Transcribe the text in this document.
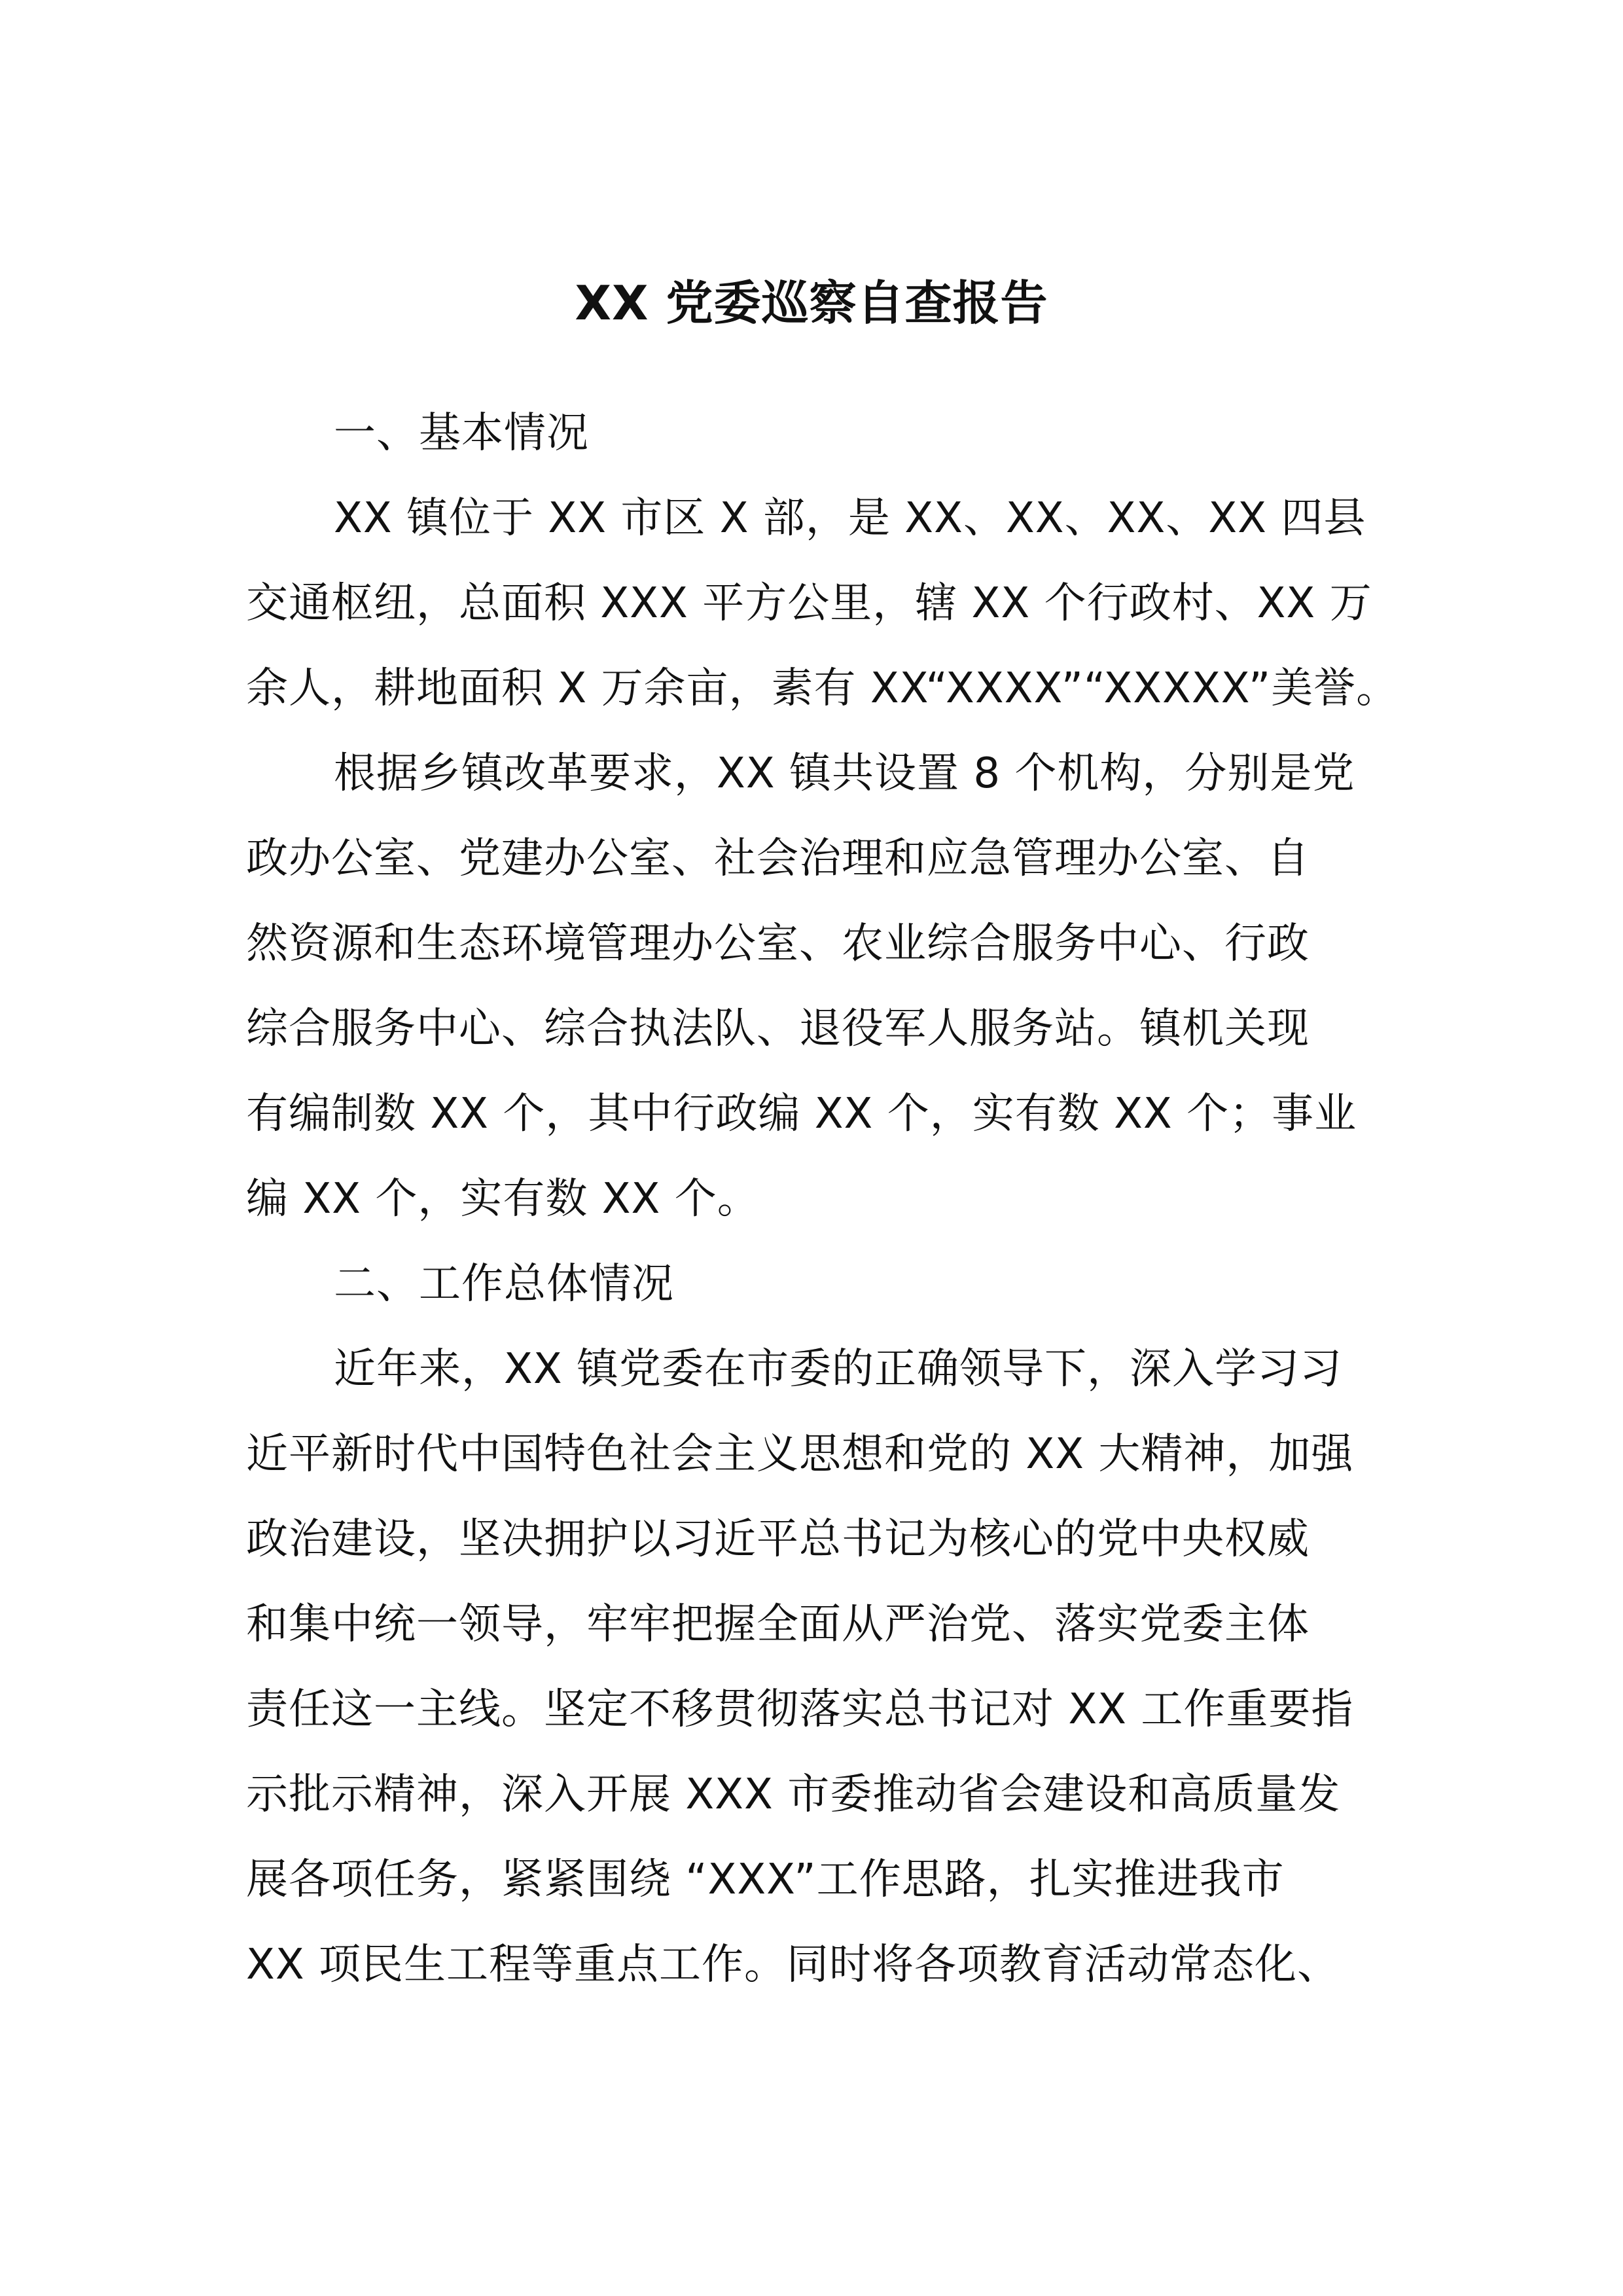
XX 党委巡察自查报告
一、基本情况
XX 镇位于 XX 市区 X 部，是 XX、XX、XX、XX 四县
交通枢纽，总面积 XXX 平方公里，辖 XX 个行政村、XX 万
余人，耕地面积 X 万余亩，素有 XX“XXXX”“XXXXX”美誉。
根据乡镇改革要求，XX 镇共设置 8 个机构，分别是党
政办公室、党建办公室、社会治理和应急管理办公室、自
然资源和生态环境管理办公室、农业综合服务中心、行政
综合服务中心、综合执法队、退役军人服务站。镇机关现
有编制数 XX 个，其中行政编 XX 个，实有数 XX 个；事业
编 XX 个，实有数 XX 个。
二、工作总体情况
近年来，XX 镇党委在市委的正确领导下，深入学习习
近平新时代中国特色社会主义思想和党的 XX 大精神，加强
政治建设，坚决拥护以习近平总书记为核心的党中央权威
和集中统一领导，牢牢把握全面从严治党、落实党委主体
责任这一主线。坚定不移贯彻落实总书记对 XX 工作重要指
示批示精神，深入开展 XXX 市委推动省会建设和高质量发
展各项任务，紧紧围绕 “XXX”工作思路，扎实推进我市
XX 项民生工程等重点工作。同时将各项教育活动常态化、
